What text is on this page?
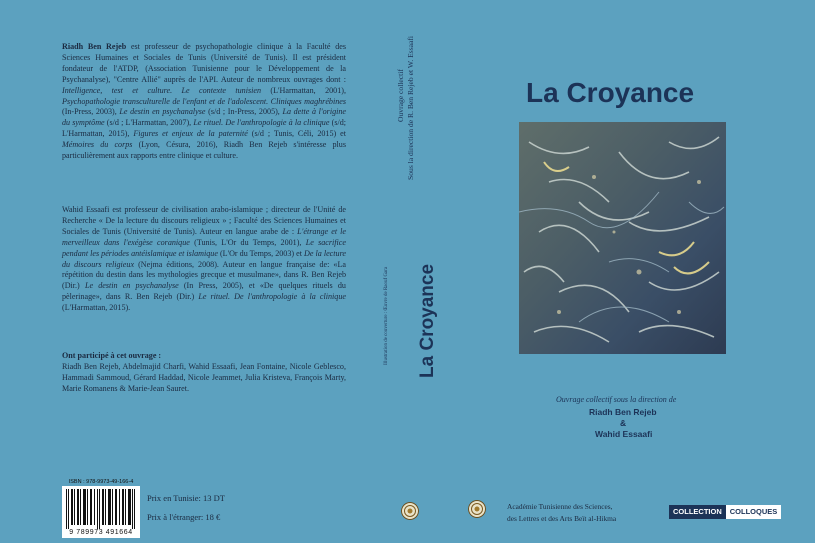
Riadh Ben Rejeb est professeur de psychopathologie clinique à la Faculté des Sciences Humaines et Sociales de Tunis (Université de Tunis). Il est président fondateur de l'ATDP, (Association Tunisienne pour le Développement de la Psychanalyse), "Centre Allié" auprès de l'API. Auteur de nombreux ouvrages dont : Intelligence, test et culture. Le contexte tunisien (L'Harmattan, 2001), Psychopathologie transculturelle de l'enfant et de l'adolescent. Cliniques maghrébines (In-Press, 2003), Le destin en psychanalyse (s/d ; In-Press, 2005), La dette à l'origine du symptôme (s/d ; L'Harmattan, 2007), Le rituel. De l'anthropologie à la clinique (s/d; L'Harmattan, 2015), Figures et enjeux de la paternité (s/d ; Tunis, Céli, 2015) et Mémoires du corps (Lyon, Césura, 2016), Riadh Ben Rejeb s'intéresse plus particulièrement aux rapports entre clinique et culture.
Wahid Essaafi est professeur de civilisation arabo-islamique ; directeur de l'Unité de Recherche « De la lecture du discours religieux » ; Faculté des Sciences Humaines et Sociales de Tunis (Université de Tunis). Auteur en langue arabe de : L'étrange et le merveilleux dans l'exégèse coranique (Tunis, L'Or du Temps, 2001), Le sacrifice pendant les périodes antéislamique et islamique (L'Or du Temps, 2003) et De la lecture du discours religieux (Nejma éditions, 2008). Auteur en langue française de: «La répétition du destin dans les mythologies grecque et musulmane», dans R. Ben Rejeb (Dir.) Le destin en psychanalyse (In Press, 2005), et «De quelques rituels du pèlerinage», dans R. Ben Rejeb (Dir.) Le rituel. De l'anthropologie à la clinique (L'Harmattan, 2015).
Ont participé à cet ouvrage :
Riadh Ben Rejeb, Abdelmajid Charfi, Wahid Essaafi, Jean Fontaine, Nicole Geblesco, Hammadi Sammoud, Gérard Haddad, Nicole Jeammet, Julia Kristeva, François Marty, Marie Romanens & Marie-Jean Sauret.
ISBN : 978-9973-49-166-4
9 789973 491664
Prix en Tunisie: 13 DT
Prix à l'étranger: 18 €
Ouvrage collectif Sous la direction de R. Ben Rejeb et W. Essaafi
Illustration de couverture : Œuvre de Raouf Gara La Croyance
La Croyance
Ouvrage collectif sous la direction de
Riadh Ben Rejeb
&
Wahid Essaafi
Académie Tunisienne des Sciences,
des Lettres et des Arts Beït al-Hikma
COLLECTION	COLLOQUES
